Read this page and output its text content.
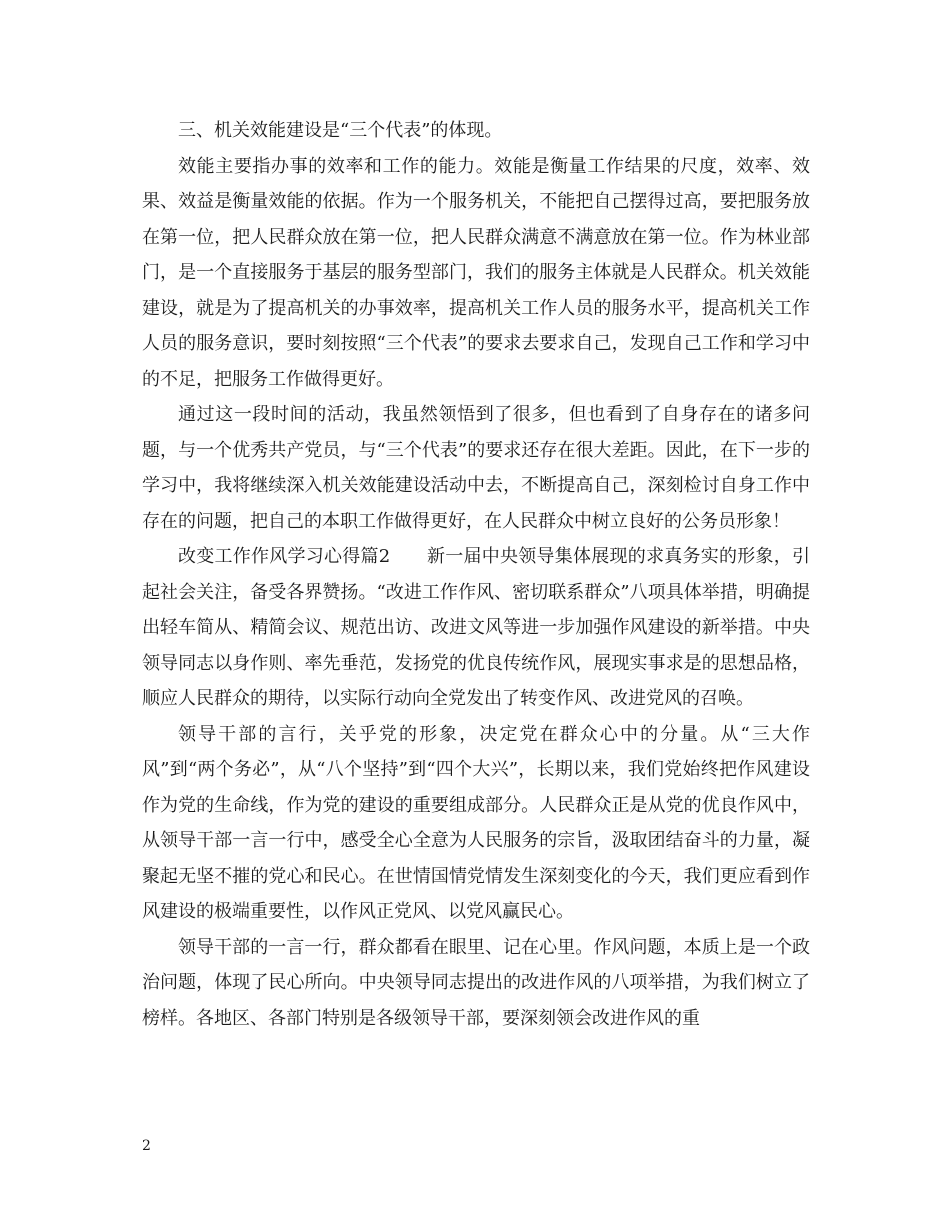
三、机关效能建设是“三个代表”的体现。

效能主要指办事的效率和工作的能力。效能是衡量工作结果的尺度，效率、效果、效益是衡量效能的依据。作为一个服务机关，不能把自己摆得过高，要把服务放在第一位，把人民群众放在第一位，把人民群众满意不满意放在第一位。作为林业部门，是一个直接服务于基层的服务型部门，我们的服务主体就是人民群众。机关效能建设，就是为了提高机关的办事效率，提高机关工作人员的服务水平，提高机关工作人员的服务意识，要时刻按照“三个代表”的要求去要求自己，发现自己工作和学习中的不足，把服务工作做得更好。

通过这一段时间的活动，我虽然领悟到了很多，但也看到了自身存在的诸多问题，与一个优秀共产党员，与“三个代表”的要求还存在很大差距。因此，在下一步的学习中，我将继续深入机关效能建设活动中去，不断提高自己，深刻检讨自身工作中存在的问题，把自己的本职工作做得更好，在人民群众中树立良好的公务员形象！

改变工作作风学习心得篇2　　新一届中央领导集体展现的求真务实的形象，引起社会关注，备受各界赞扬。“改进工作作风、密切联系群众”八项具体举措，明确提出轻车简从、精简会议、规范出访、改进文风等进一步加强作风建设的新举措。中央领导同志以身作则、率先垂范，发扬党的优良传统作风，展现实事求是的思想品格，顺应人民群众的期待，以实际行动向全党发出了转变作风、改进党风的召唤。

领导干部的言行，关乎党的形象，决定党在群众心中的分量。从“三大作风”到“两个务必”，从“八个坚持”到“四个大兴”，长期以来，我们党始终把作风建设作为党的生命线，作为党的建设的重要组成部分。人民群众正是从党的优良作风中，从领导干部一言一行中，感受全心全意为人民服务的宗旨，汲取团结奋斗的力量，凝聚起无坚不摧的党心和民心。在世情国情党情发生深刻变化的今天，我们更应看到作风建设的极端重要性，以作风正党风、以党风赢民心。

领导干部的一言一行，群众都看在眼里、记在心里。作风问题，本质上是一个政治问题，体现了民心所向。中央领导同志提出的改进作风的八项举措，为我们树立了榜样。各地区、各部门特别是各级领导干部，要深刻领会改进作风的重

2
